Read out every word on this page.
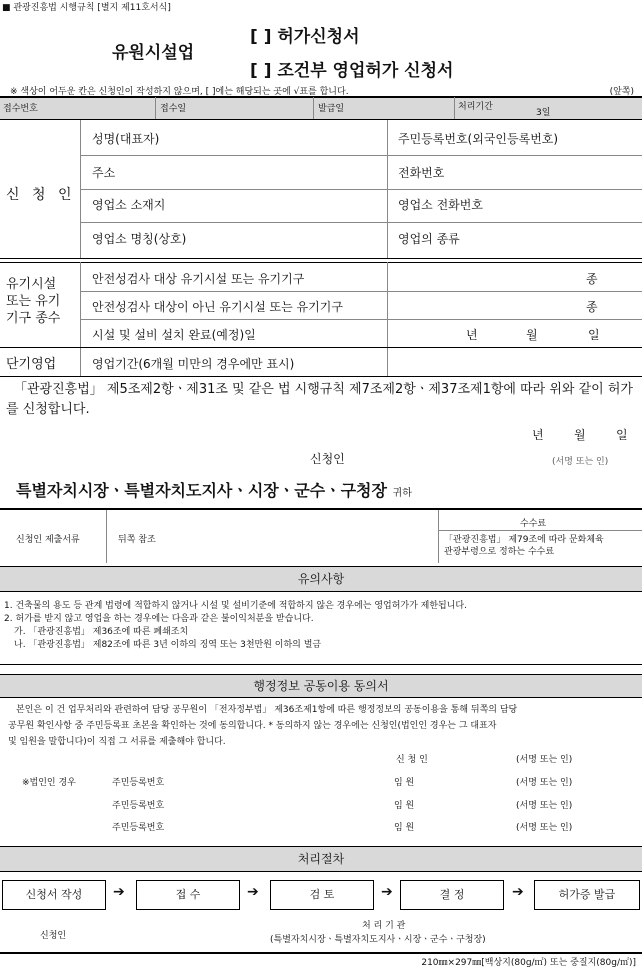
■ 관광진흥법 시행규칙 [별지 제11호서식]
유원시설업
[ ] 허가신청서
[ ] 조건부 영업허가 신청서
※ 색상이 어두운 칸은 신청인이 작성하지 않으며, [ ]에는 해당되는 곳에 √표를 합니다.	(앞쪽)
접수번호	접수일	발급일	처리기간
3일
신 청 인
성명(대표자)	주민등록번호(외국인등록번호)
주소	전화번호
영업소 소재지	영업소 전화번호
영업소 명칭(상호)	영업의 종류
유기시설
또는 유기
기구 종수
안전성검사 대상 유기시설 또는 유기기구	종
안전성검사 대상이 아닌 유기시설 또는 유기기구	종
시설 및 설비 설치 완료(예정)일	년	월	일
단기영업	영업기간(6개월 미만의 경우에만 표시)
「관광진흥법」 제5조제2항ㆍ제31조 및 같은 법 시행규칙 제7조제2항ㆍ제37조제1항에 따라 위와 같이 허가를 신청합니다.
년	월	일
신청인	(서명 또는 인)
특별자치시장ㆍ특별자치도지사ㆍ시장ㆍ군수ㆍ구청장 귀하
신청인 제출서류	뒤쪽 참조
수수료
「관광진흥법」 제79조에 따라 문화체육
관광부령으로 정하는 수수료
유의사항
1. 건축물의 용도 등 관계 법령에 적합하지 않거나 시설 및 설비기준에 적합하지 않은 경우에는 영업허가가 제한됩니다.
2. 허가를 받지 않고 영업을 하는 경우에는 다음과 같은 불이익처분을 받습니다.
가. 「관광진흥법」 제36조에 따른 폐쇄조치
나. 「관광진흥법」 제82조에 따른 3년 이하의 징역 또는 3천만원 이하의 벌금
행정정보 공동이용 동의서
본인은 이 건 업무처리와 관련하여 담당 공무원이 「전자정부법」 제36조제1항에 따른 행정정보의 공동이용을 통해 뒤쪽의 담당
공무원 확인사항 중 주민등록표 초본을 확인하는 것에 동의합니다. * 동의하지 않는 경우에는 신청인(법인인 경우는 그 대표자
및 임원을 말합니다)이 직접 그 서류를 제출해야 합니다.
신 청 인	(서명 또는 인)
※법인인 경우	주민등록번호	임 원	(서명 또는 인)
주민등록번호	임 원	(서명 또는 인)
주민등록번호	임 원	(서명 또는 인)
처리절차
신청서 작성	➔	접 수	➔	검 토	➔	결 정	➔	허가증 발급
신청인
처 리 기 관
(특별자치시장ㆍ특별자치도지사ㆍ시장ㆍ군수ㆍ구청장)
210㎜×297㎜[백상지(80g/㎡) 또는 중질지(80g/㎡)]
